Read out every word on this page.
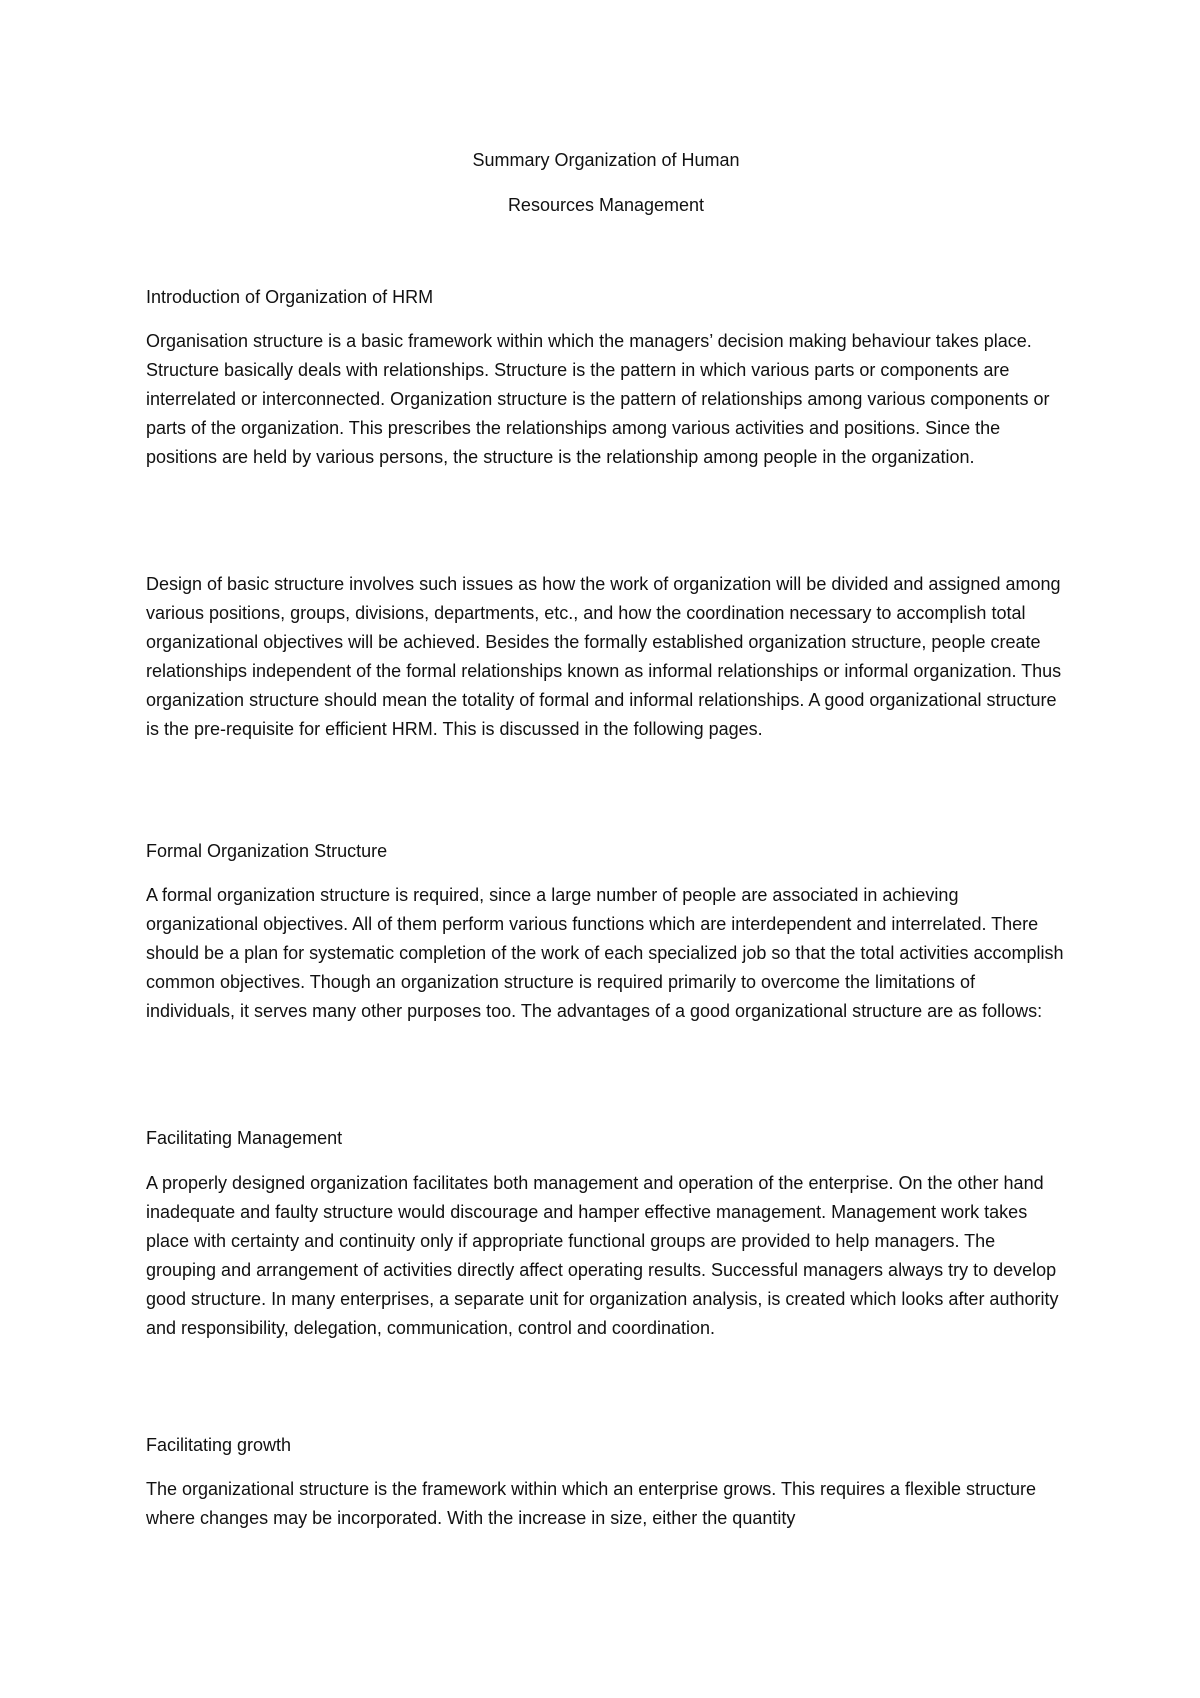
Summary Organization of Human

Resources Management

Introduction of Organization of HRM

Organisation structure is a basic framework within which the managers’ decision making behaviour takes place. Structure basically deals with relationships. Structure is the pattern in which various parts or components are interrelated or interconnected. Organization structure is the pattern of relationships among various components or parts of the organization. This prescribes the relationships among various activities and positions. Since the positions are held by various persons, the structure is the relationship among people in the organization.

Design of basic structure involves such issues as how the work of organization will be divided and assigned among various positions, groups, divisions, departments, etc., and how the coordination necessary to accomplish total organizational objectives will be achieved. Besides the formally established organization structure, people create relationships independent of the formal relationships known as informal relationships or informal organization. Thus organization structure should mean the totality of formal and informal relationships. A good organizational structure is the pre-requisite for efficient HRM. This is discussed in the following pages.

Formal Organization Structure

A formal organization structure is required, since a large number of people are associated in achieving organizational objectives. All of them perform various functions which are interdependent and interrelated. There should be a plan for systematic completion of the work of each specialized job so that the total activities accomplish common objectives. Though an organization structure is required primarily to overcome the limitations of individuals, it serves many other purposes too. The advantages of a good organizational structure are as follows:

Facilitating Management

A properly designed organization facilitates both management and operation of the enterprise. On the other hand inadequate and faulty structure would discourage and hamper effective management. Management work takes place with certainty and continuity only if appropriate functional groups are provided to help managers. The grouping and arrangement of activities directly affect operating results. Successful managers always try to develop good structure. In many enterprises, a separate unit for organization analysis, is created which looks after authority and responsibility, delegation, communication, control and coordination.

Facilitating growth

The organizational structure is the framework within which an enterprise grows. This requires a flexible structure where changes may be incorporated. With the increase in size, either the quantity
